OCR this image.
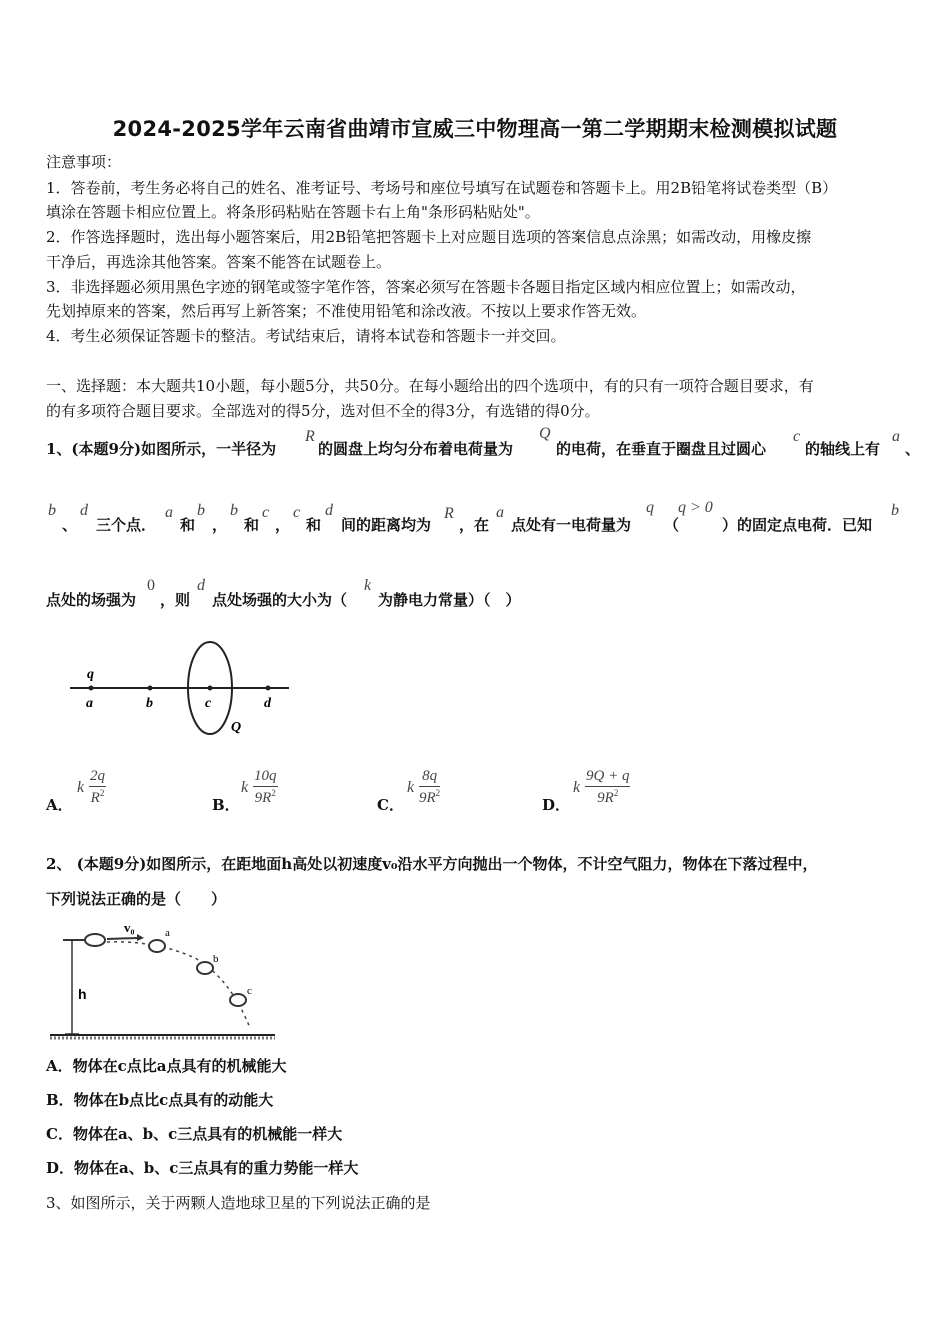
2024-2025学年云南省曲靖市宣威三中物理高一第二学期期末检测模拟试题
注意事项：
1．答卷前，考生务必将自己的姓名、准考证号、考场号和座位号填写在试题卷和答题卡上。用2B铅笔将试卷类型（B）
填涂在答题卡相应位置上。将条形码粘贴在答题卡右上角"条形码粘贴处"。
2．作答选择题时，选出每小题答案后，用2B铅笔把答题卡上对应题目选项的答案信息点涂黑；如需改动，用橡皮擦
干净后，再选涂其他答案。答案不能答在试题卷上。
3．非选择题必须用黑色字迹的钢笔或签字笔作答，答案必须写在答题卡各题目指定区域内相应位置上；如需改动，
先划掉原来的答案，然后再写上新答案；不准使用铅笔和涂改液。不按以上要求作答无效。
4．考生必须保证答题卡的整洁。考试结束后，请将本试卷和答题卡一并交回。
一、选择题：本大题共10小题，每小题5分，共50分。在每小题给出的四个选项中，有的只有一项符合题目要求，有
的有多项符合题目要求。全部选对的得5分，选对但不全的得3分，有选错的得0分。
1、(本题9分)如图所示，一半径为
R
的圆盘上均匀分布着电荷量为
Q
的电荷，在垂直于圈盘且过圆心
c
的轴线上有
a
、
b
、
d
三个点．
a
和
b
，
b
和
c
，
c
和
d
间的距离均为
R
，在
a
点处有一电荷量为
q
（
q > 0
）的固定点电荷．已知
b
点处的场强为
0
，则
d
点处场强的大小为（
k
为静电力常量）（　）
q
a	b	c	d
Q
A．
k $\frac{2q}{R^2}$	B．
k $\frac{10q}{9R^2}$	C．
k $\frac{8q}{9R^2}$	D．
k $\frac{9Q + q}{9R^2}$
2、 (本题9分)如图所示，在距地面h高处以初速度v₀沿水平方向抛出一个物体，不计空气阻力，物体在下落过程中，
下列说法正确的是（　　）
h
v₀	a
b
c
A．物体在c点比a点具有的机械能大
B．物体在b点比c点具有的动能大
C．物体在a、b、c三点具有的机械能一样大
D．物体在a、b、c三点具有的重力势能一样大
3、如图所示，关于两颗人造地球卫星的下列说法正确的是
